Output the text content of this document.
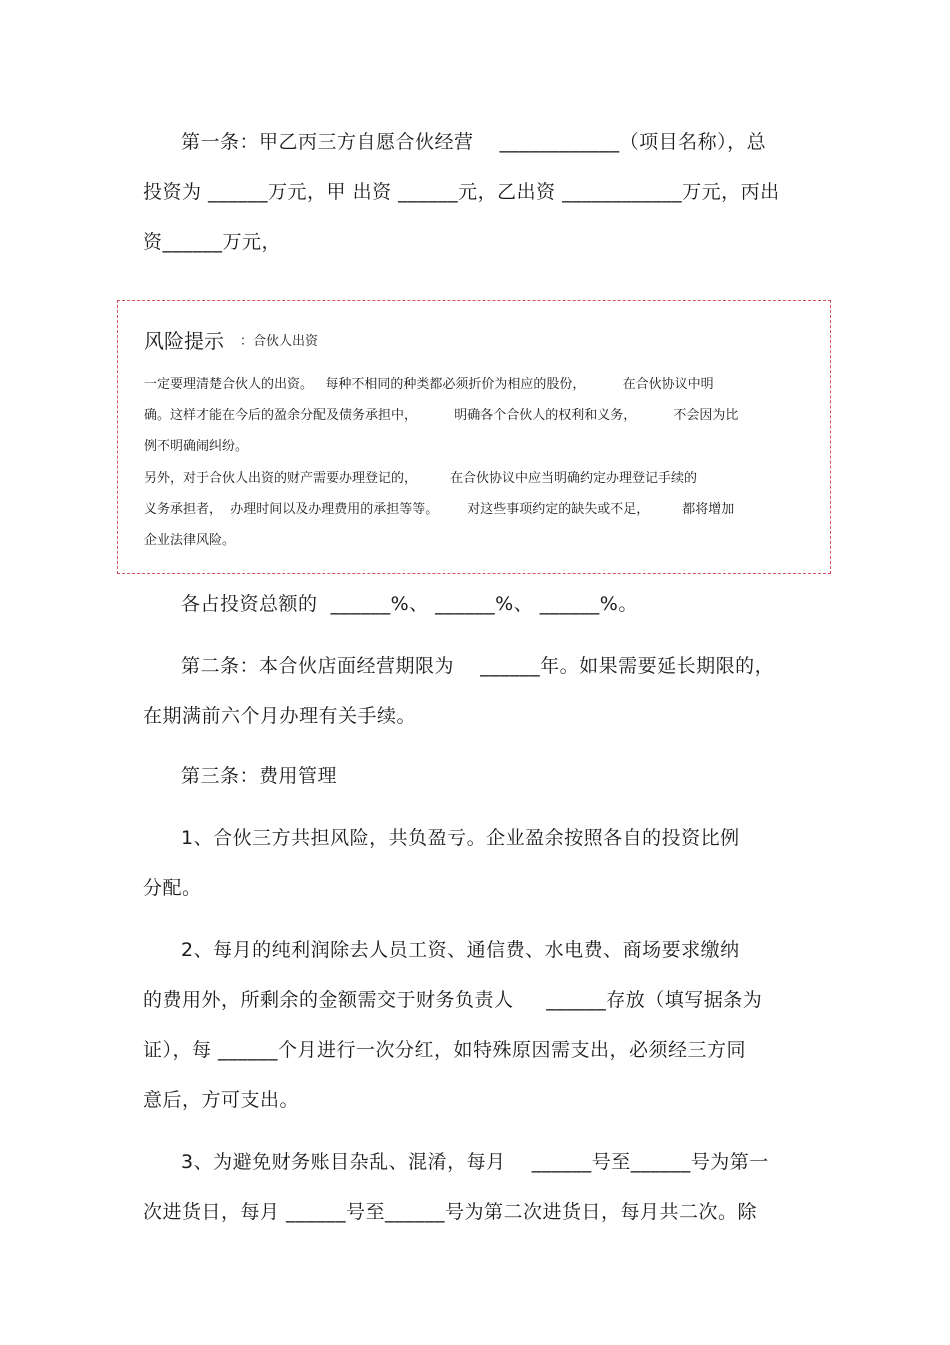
第一条：甲乙丙三方自愿合伙经营    ____________（项目名称），总
投资为 ______万元，甲 出资 ______元，乙出资 ____________万元，丙出
资______万元，
风险提示 ：合伙人出资
一定要理清楚合伙人的出资。   每种不相同的种类都必须折价为相应的股份，         在合伙协议中明
确。这样才能在今后的盈余分配及债务承担中，         明确各个合伙人的权利和义务，         不会因为比
例不明确闹纠纷。
另外，对于合伙人出资的财产需要办理登记的，        在合伙协议中应当明确约定办理登记手续的
义务承担者，  办理时间以及办理费用的承担等等。       对这些事项约定的缺失或不足，        都将增加
企业法律风险。
各占投资总额的  ______%、 ______%、 ______%。
第二条：本合伙店面经营期限为    ______年。如果需要延长期限的，
在期满前六个月办理有关手续。
第三条：费用管理
1、合伙三方共担风险，共负盈亏。企业盈余按照各自的投资比例
分配。
2、每月的纯利润除去人员工资、通信费、水电费、商场要求缴纳
的费用外，所剩余的金额需交于财务负责人     ______存放（填写据条为
证），每 ______个月进行一次分红，如特殊原因需支出，必须经三方同
意后，方可支出。
3、为避免财务账目杂乱、混淆，每月    ______号至______号为第一
次进货日，每月 ______号至______号为第二次进货日，每月共二次。除
